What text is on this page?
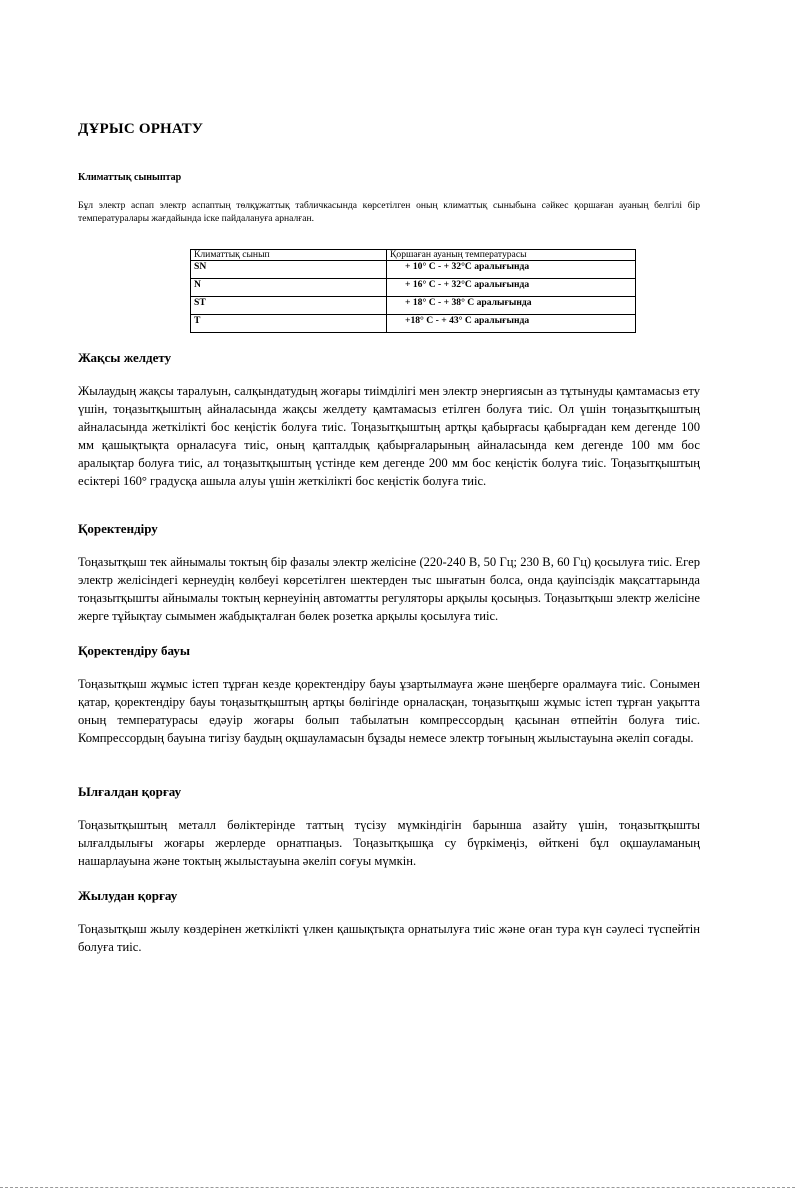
ДҰРЫС ОРНАТУ
Климаттық сыныптар
Бұл электр аспап электр аспаптың төлқұжаттық табличкасында көрсетілген оның климаттық сыныбына сәйкес қоршаған ауаның белгілі бір температуралары жағдайында іске пайдалануға арналған.
Климаттық сынып	Қоршаған ауаның температурасы
SN	+ 10° C - + 32°C аралығында
N	+ 16° C - + 32°C аралығында
ST	+ 18° C - + 38° C аралығында
T	+18° C - + 43° C аралығында
Жақсы желдету
Жылаудың жақсы таралуын, салқындатудың жоғары тиімділігі мен электр энергиясын аз тұтынуды қамтамасыз ету үшін, тоңазытқыштың айналасында жақсы желдету қамтамасыз етілген болуға тиіс. Ол үшін тоңазытқыштың айналасында жеткілікті бос кеңістік болуға тиіс. Тоңазытқыштың артқы қабырғасы қабырғадан кем дегенде 100 мм қашықтықта орналасуға тиіс, оның қапталдық қабырғаларының айналасында кем дегенде 100 мм бос аралықтар болуға тиіс, ал тоңазытқыштың үстінде кем дегенде 200 мм бос кеңістік болуға тиіс. Тоңазытқыштың есіктері 160° градусқа ашыла алуы үшін жеткілікті бос кеңістік болуға тиіс.
Қоректендіру
Тоңазытқыш тек айнымалы токтың бір фазалы электр желісіне (220-240 В, 50 Гц; 230 В, 60 Гц) қосылуға тиіс. Егер электр желісіндегі кернеудің көлбеуі көрсетілген шектерден тыс шығатын болса, онда қауіпсіздік мақсаттарында тоңазытқышты айнымалы токтың кернеуінің автоматты регуляторы арқылы қосыңыз. Тоңазытқыш электр желісіне жерге тұйықтау сымымен жабдықталған бөлек розетка арқылы қосылуға тиіс.
Қоректендіру бауы
Тоңазытқыш жұмыс істеп тұрған кезде қоректендіру бауы ұзартылмауға және шеңберге оралмауға тиіс. Сонымен қатар, қоректендіру бауы тоңазытқыштың артқы бөлігінде орналасқан, тоңазытқыш жұмыс істеп тұрған уақытта оның температурасы едәуір жоғары болып табылатын компрессордың қасынан өтпейтін болуға тиіс. Компрессордың бауына тигізу баудың оқшауламасын бұзады немесе электр тоғының жылыстауына әкеліп соғады.
Ылғалдан қорғау
Тоңазытқыштың металл бөліктерінде таттың түсізу мүмкіндігін барынша азайту үшін, тоңазытқышты ылғалдылығы жоғары жерлерде орнатпаңыз. Тоңазытқышқа су бүркімеңіз, өйткені бұл оқшауламаның нашарлауына және токтың жылыстауына әкеліп соғуы мүмкін.
Жылудан қорғау
Тоңазытқыш жылу көздерінен жеткілікті үлкен қашықтықта орнатылуға тиіс және оған тура күн сәулесі түспейтін болуға тиіс.
